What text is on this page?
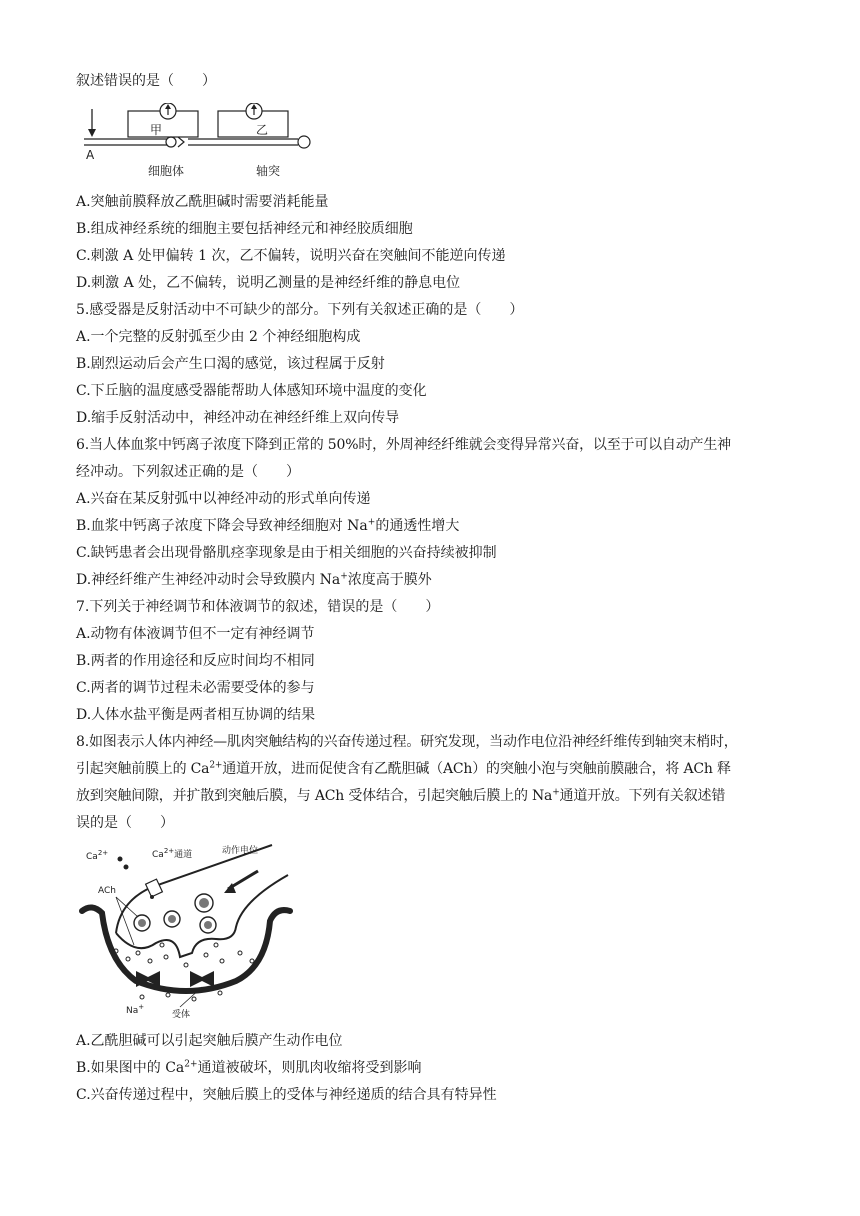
叙述错误的是（　　）
甲	乙
A
细胞体	轴突
A.突触前膜释放乙酰胆碱时需要消耗能量
B.组成神经系统的细胞主要包括神经元和神经胶质细胞
C.刺激 A 处甲偏转 1 次，乙不偏转，说明兴奋在突触间不能逆向传递
D.刺激 A 处，乙不偏转，说明乙测量的是神经纤维的静息电位
5.感受器是反射活动中不可缺少的部分。下列有关叙述正确的是（　　）
A.一个完整的反射弧至少由 2 个神经细胞构成
B.剧烈运动后会产生口渴的感觉，该过程属于反射
C.下丘脑的温度感受器能帮助人体感知环境中温度的变化
D.缩手反射活动中，神经冲动在神经纤维上双向传导
6.当人体血浆中钙离子浓度下降到正常的 50%时，外周神经纤维就会变得异常兴奋，以至于可以自动产生神
经冲动。下列叙述正确的是（　　）
A.兴奋在某反射弧中以神经冲动的形式单向传递
B.血浆中钙离子浓度下降会导致神经细胞对 Na+的通透性增大
C.缺钙患者会出现骨骼肌痉挛现象是由于相关细胞的兴奋持续被抑制
D.神经纤维产生神经冲动时会导致膜内 Na+浓度高于膜外
7.下列关于神经调节和体液调节的叙述，错误的是（　　）
A.动物有体液调节但不一定有神经调节
B.两者的作用途径和反应时间均不相同
C.两者的调节过程未必需要受体的参与
D.人体水盐平衡是两者相互协调的结果
8.如图表示人体内神经—肌肉突触结构的兴奋传递过程。研究发现，当动作电位沿神经纤维传到轴突末梢时，
引起突触前膜上的 $Ca^{2+}$通道开放，进而促使含有乙酰胆碱（ACh）的突触小泡与突触前膜融合，将 ACh 释
放到突触间隙，并扩散到突触后膜，与 ACh 受体结合，引起突触后膜上的 Na+通道开放。下列有关叙述错
误的是（　　）
$Ca^{2+}$	$Ca^{2+}$通道	动作电位
ACh
Na+
受体
A.乙酰胆碱可以引起突触后膜产生动作电位
B.如果图中的 $Ca^{2+}$通道被破坏，则肌肉收缩将受到影响
C.兴奋传递过程中，突触后膜上的受体与神经递质的结合具有特异性
